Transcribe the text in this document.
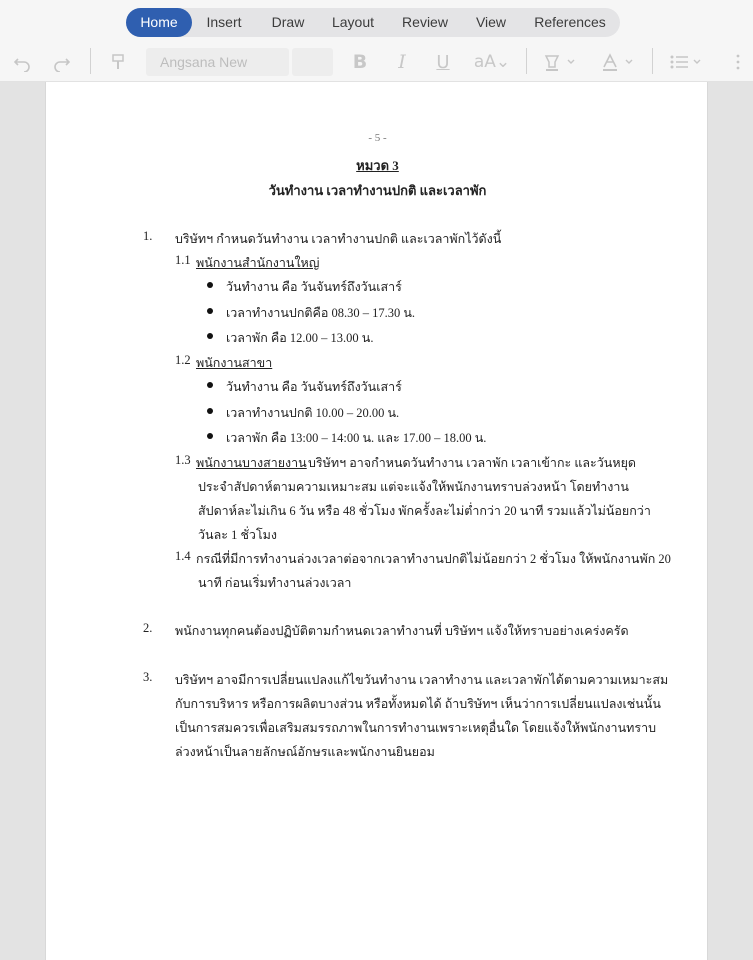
Home	Insert	Draw	Layout	Review	View	References
Angsana New	B	I	U	aA⌄
- 5 -
หมวด 3
วันทำงาน เวลาทำงานปกติ และเวลาพัก
1. บริษัทฯ กำหนดวันทำงาน เวลาทำงานปกติ และเวลาพักไว้ดังนี้
1.1 พนักงานสำนักงานใหญ่
วันทำงาน คือ วันจันทร์ถึงวันเสาร์
เวลาทำงานปกติคือ 08.30 – 17.30 น.
เวลาพัก คือ 12.00 – 13.00 น.
1.2 พนักงานสาขา
วันทำงาน คือ วันจันทร์ถึงวันเสาร์
เวลาทำงานปกติ 10.00 – 20.00 น.
เวลาพัก คือ 13:00 – 14:00 น. และ 17.00 – 18.00 น.
1.3 พนักงานบางสายงาน บริษัทฯ อาจกำหนดวันทำงาน เวลาพัก เวลาเข้ากะ และวันหยุด
ประจำสัปดาห์ตามความเหมาะสม แต่จะแจ้งให้พนักงานทราบล่วงหน้า โดยทำงาน
สัปดาห์ละไม่เกิน 6 วัน หรือ 48 ชั่วโมง พักครั้งละไม่ต่ำกว่า 20 นาที รวมแล้วไม่น้อยกว่า
วันละ 1 ชั่วโมง
1.4 กรณีที่มีการทำงานล่วงเวลาต่อจากเวลาทำงานปกติไม่น้อยกว่า 2 ชั่วโมง ให้พนักงานพัก 20
นาที ก่อนเริ่มทำงานล่วงเวลา
2. พนักงานทุกคนต้องปฏิบัติตามกำหนดเวลาทำงานที่ บริษัทฯ แจ้งให้ทราบอย่างเคร่งครัด
3. บริษัทฯ อาจมีการเปลี่ยนแปลงแก้ไขวันทำงาน เวลาทำงาน และเวลาพักได้ตามความเหมาะสม
กับการบริหาร หรือการผลิตบางส่วน หรือทั้งหมดได้ ถ้าบริษัทฯ เห็นว่าการเปลี่ยนแปลงเช่นนั้น
เป็นการสมควรเพื่อเสริมสมรรถภาพในการทำงานเพราะเหตุอื่นใด โดยแจ้งให้พนักงานทราบ
ล่วงหน้าเป็นลายลักษณ์อักษรและพนักงานยินยอม
